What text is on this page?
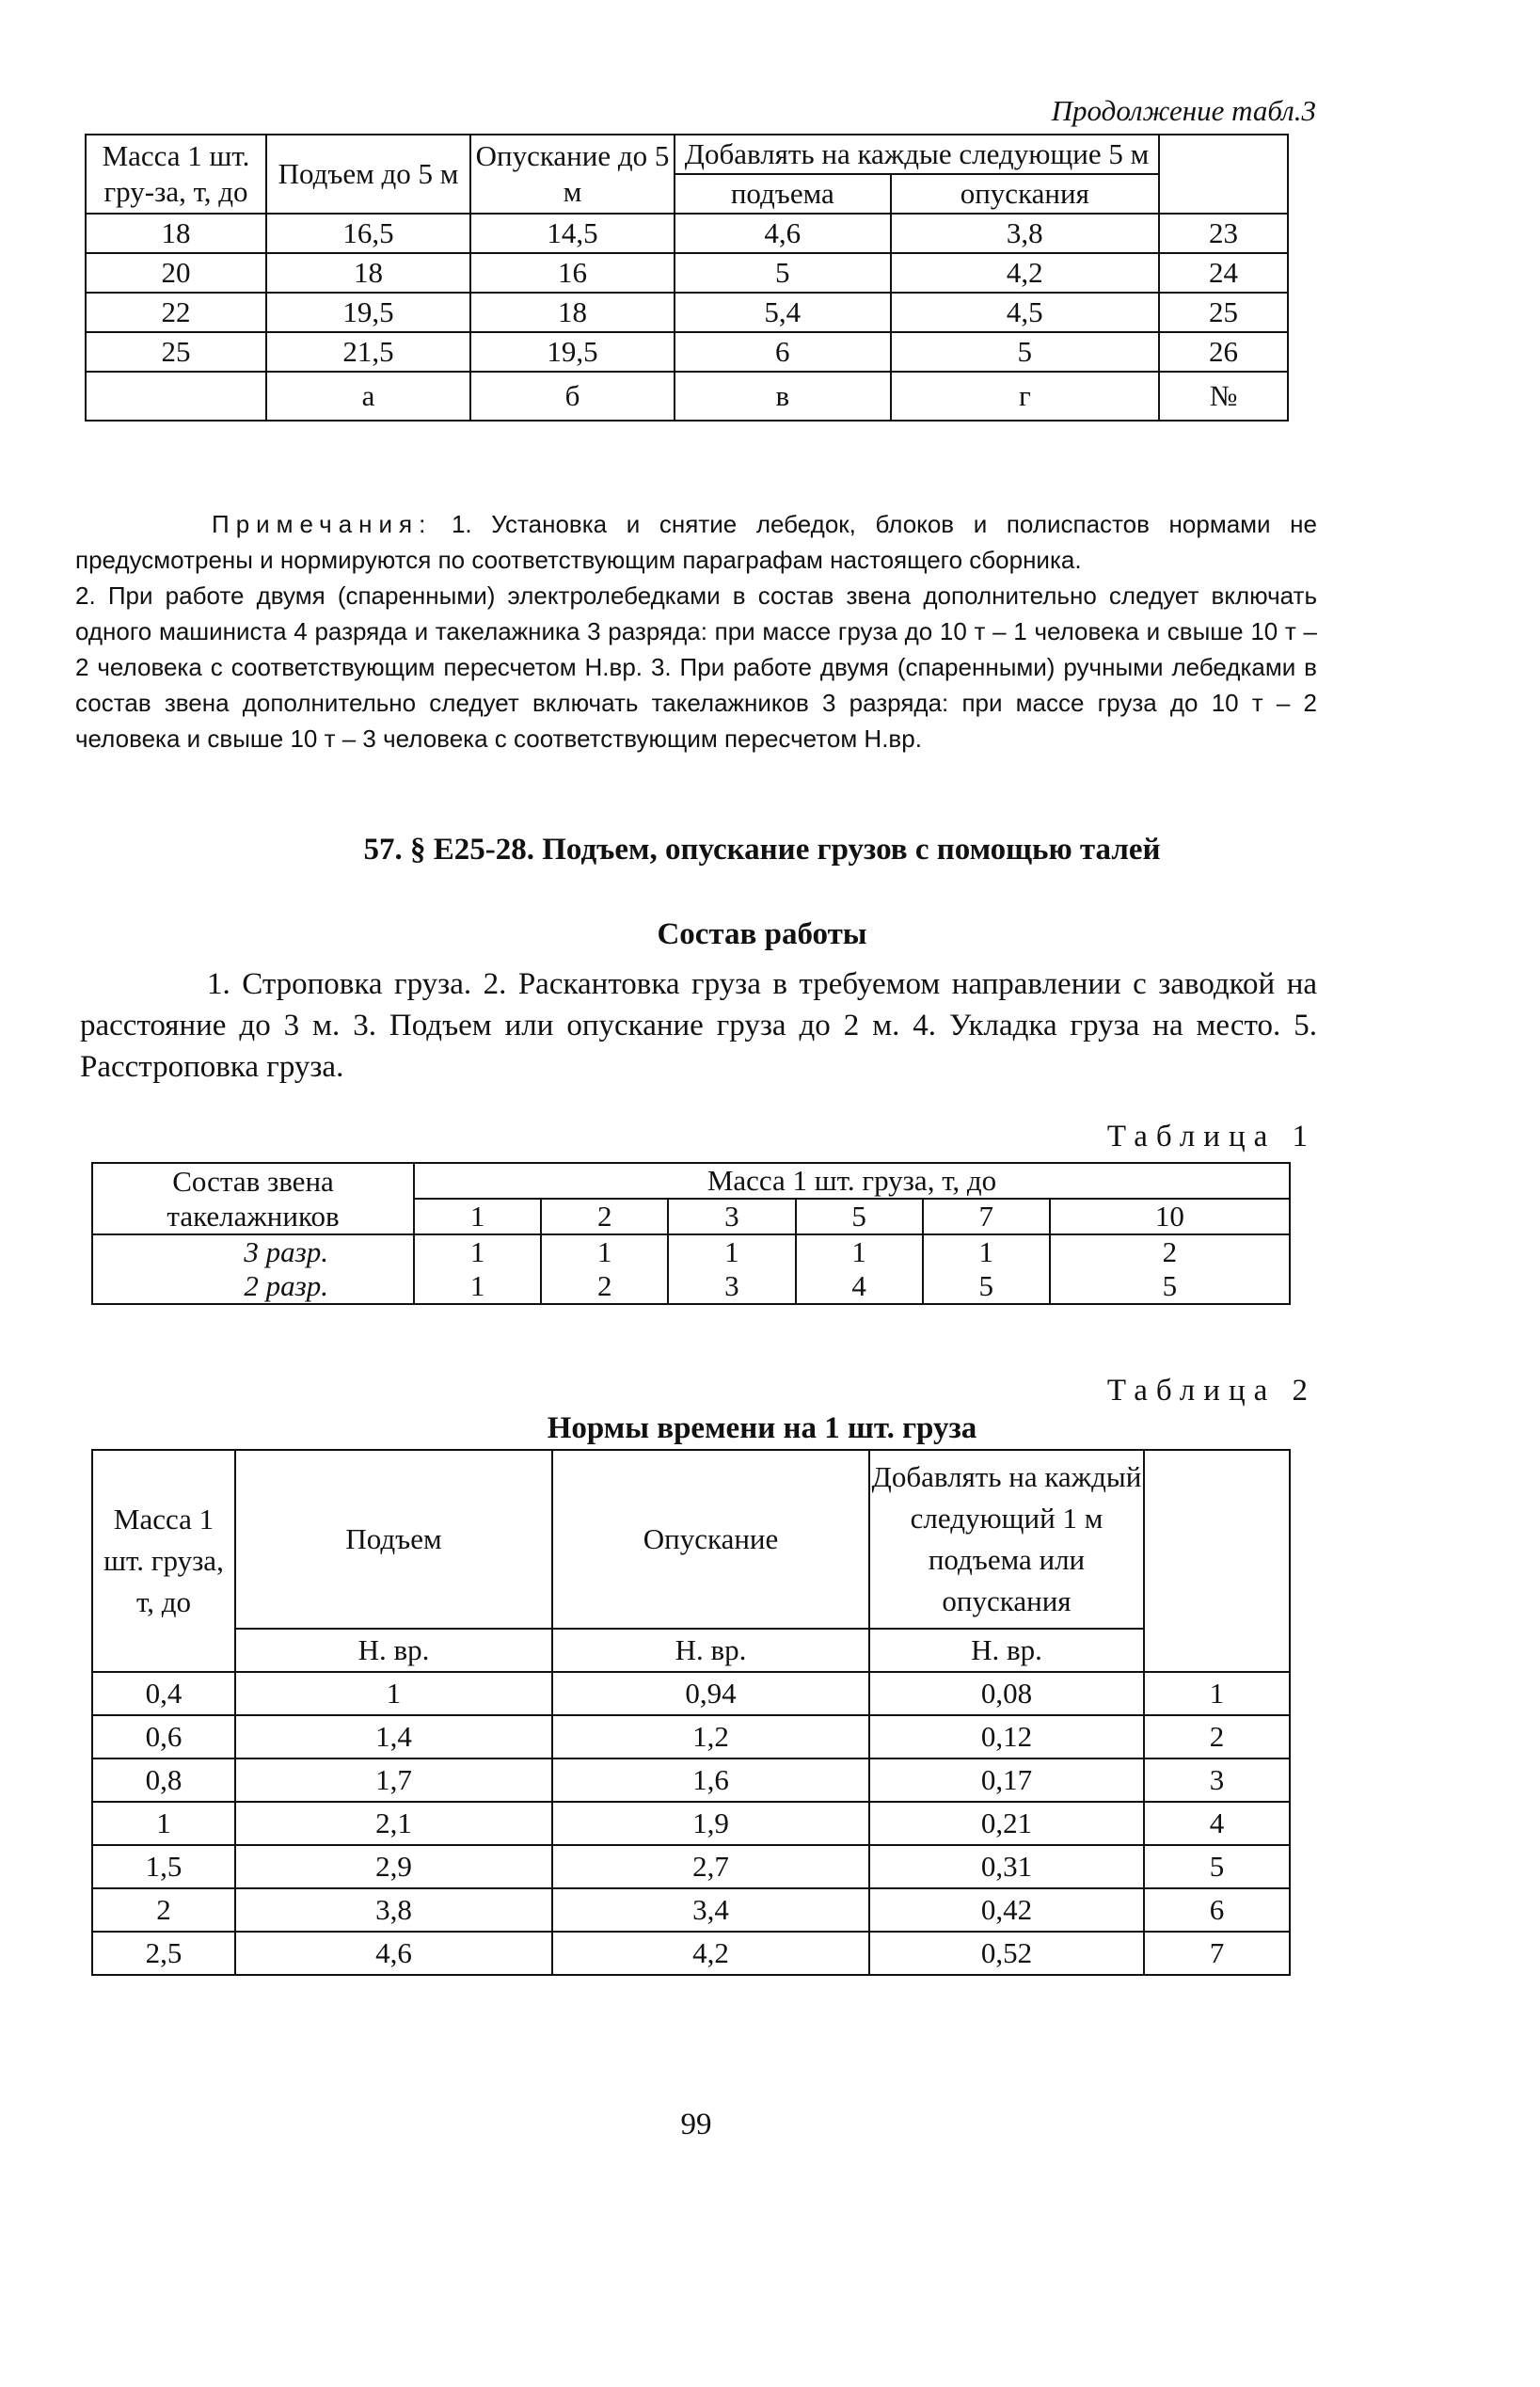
Продолжение табл.3
Масса 1 шт. гру-за, т, до	Подъем до 5 м	Опускание до 5 м	Добавлять на каждые следующие 5 м		
			подъема	опускания	
18	16,5	14,5	4,6	3,8	23
20	18	16	5	4,2	24
22	19,5	18	5,4	4,5	25
25	21,5	19,5	6	5	26
	а	б	в	г	№

Примечания: 1. Установка и снятие лебедок, блоков и полиспастов нормами не предусмотрены и нормируются по соответствующим параграфам настоящего сборника.

2. При работе двумя (спаренными) электролебедками в состав звена дополнительно следует включать одного машиниста 4 разряда и такелажника 3 разряда: при массе груза до 10 т – 1 человека и свыше 10 т – 2 человека с соответствующим пересчетом Н.вр. 3. При работе двумя (спаренными) ручными лебедками в состав звена дополнительно следует включать такелажников 3 разряда: при массе груза до 10 т – 2 человека и свыше 10 т – 3 человека с соответствующим пересчетом Н.вр.

57. § Е25-28. Подъем, опускание грузов с помощью талей
Состав работы
1. Строповка груза. 2. Раскантовка груза в требуемом направлении с заводкой на расстояние до 3 м. 3. Подъем или опускание груза до 2 м. 4. Укладка груза на место. 5. Расстроповка груза.
Таблица 1
Состав звена	Масса 1 шт. груза, т, до					
такелажников	1	2	3	5	7	10
3 разр.	1	1	1	1	1	2
2 разр.	1	2	3	4	5	5
Таблица 2
Нормы времени на 1 шт. груза
Масса 1 шт. груза, т, до	Подъем	Опускание	Добавлять на каждый следующий 1 м подъема или опускания	
	Н. вр.	Н. вр.	Н. вр.	
0,4	1	0,94	0,08	1
0,6	1,4	1,2	0,12	2
0,8	1,7	1,6	0,17	3
1	2,1	1,9	0,21	4
1,5	2,9	2,7	0,31	5
2	3,8	3,4	0,42	6
2,5	4,6	4,2	0,52	7
99
